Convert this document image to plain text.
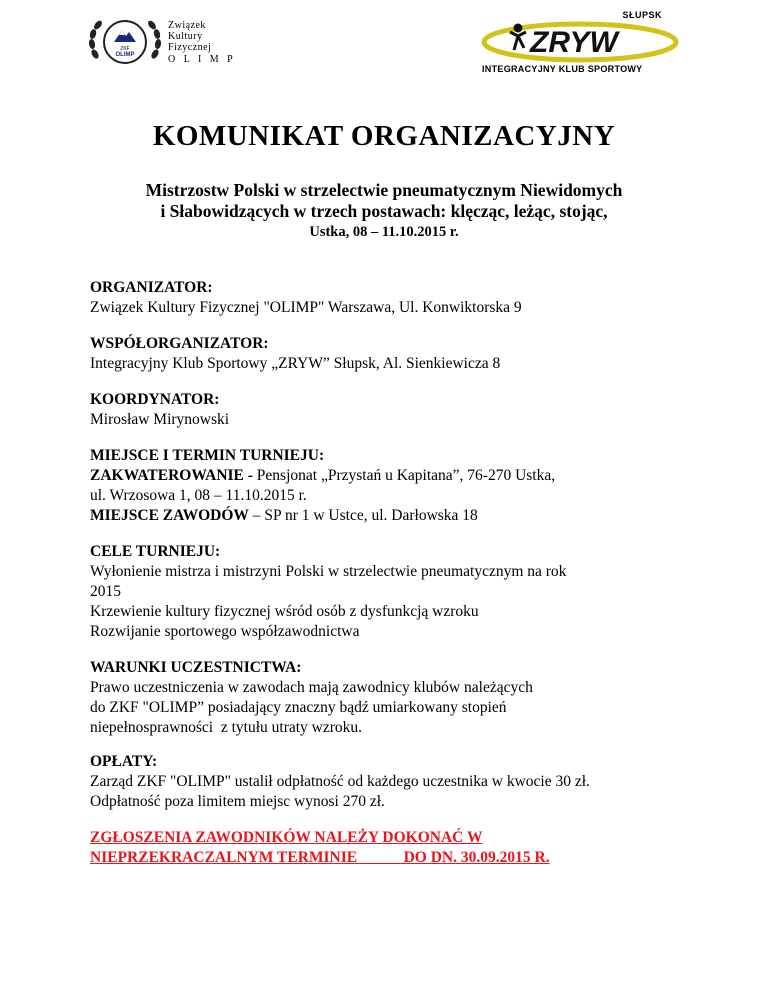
ZKF
OLIMP
Związek
Kultury
Fizycznej
O L I M P
SŁUPSK
ZRYW
INTEGRACYJNY KLUB SPORTOWY
KOMUNIKAT ORGANIZACYJNY
Mistrzostw Polski w strzelectwie pneumatycznym Niewidomych
i Słabowidzących w trzech postawach: klęcząc, leżąc, stojąc,
Ustka, 08 – 11.10.2015 r.
ORGANIZATOR:
Związek Kultury Fizycznej "OLIMP" Warszawa, Ul. Konwiktorska 9
WSPÓŁORGANIZATOR:
Integracyjny Klub Sportowy „ZRYW” Słupsk, Al. Sienkiewicza 8
KOORDYNATOR:
Mirosław Mirynowski
MIEJSCE I TERMIN TURNIEJU:
ZAKWATEROWANIE - Pensjonat „Przystań u Kapitana”, 76-270 Ustka,
ul. Wrzosowa 1, 08 – 11.10.2015 r.
MIEJSCE ZAWODÓW – SP nr 1 w Ustce, ul. Darłowska 18
CELE TURNIEJU:
Wyłonienie mistrza i mistrzyni Polski w strzelectwie pneumatycznym na rok
2015
Krzewienie kultury fizycznej wśród osób z dysfunkcją wzroku
Rozwijanie sportowego współzawodnictwa
WARUNKI UCZESTNICTWA:
Prawo uczestniczenia w zawodach mają zawodnicy klubów należących
do ZKF "OLIMP” posiadający znaczny bądź umiarkowany stopień
niepełnosprawności  z tytułu utraty wzroku.
OPŁATY:
Zarząd ZKF "OLIMP" ustalił odpłatność od każdego uczestnika w kwocie 30 zł.
Odpłatność poza limitem miejsc wynosi 270 zł.
ZGŁOSZENIA ZAWODNIKÓW NALEŻY DOKONAĆ W
NIEPRZEKRACZALNYM TERMINIE            DO DN. 30.09.2015 R.
